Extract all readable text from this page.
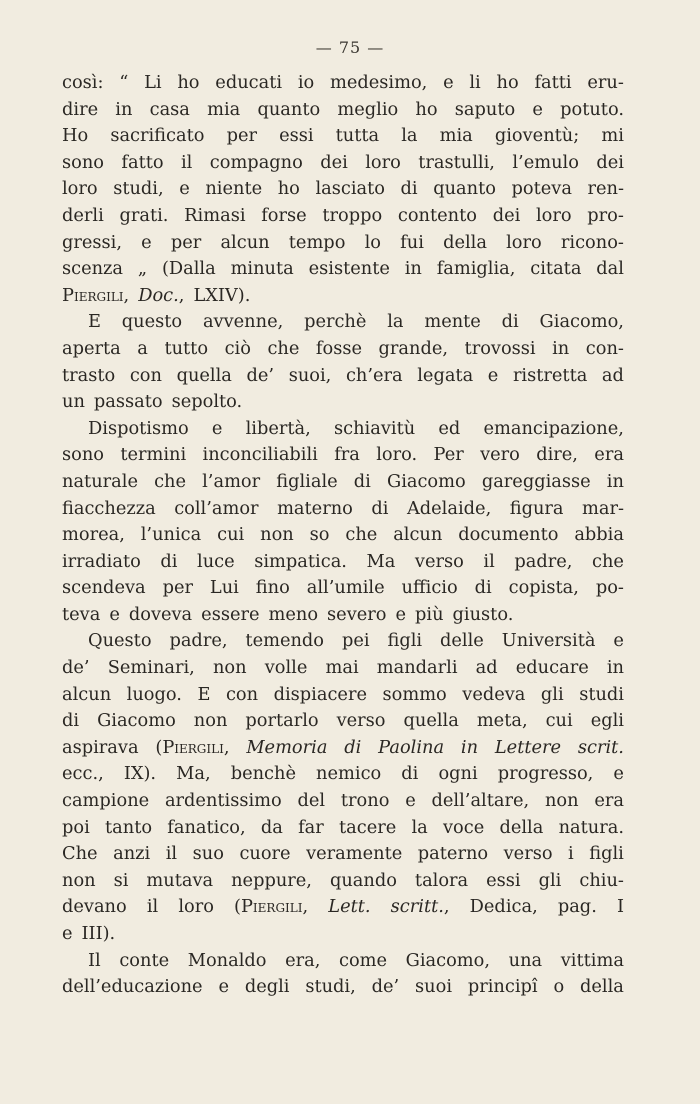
— 75 —
così: “ Li ho educati io medesimo, e li ho fatti eru-
dire in casa mia quanto meglio ho saputo e potuto.
Ho sacrificato per essi tutta la mia gioventù; mi
sono fatto il compagno dei loro trastulli, l’emulo dei
loro studi, e niente ho lasciato di quanto poteva ren-
derli grati. Rimasi forse troppo contento dei loro pro-
gressi, e per alcun tempo lo fui della loro ricono-
scenza „ (Dalla minuta esistente in famiglia, citata dal
Piergili, Doc., LXIV).
E questo avvenne, perchè la mente di Giacomo,
aperta a tutto ciò che fosse grande, trovossi in con-
trasto con quella de’ suoi, ch’era legata e ristretta ad
un passato sepolto.
Dispotismo e libertà, schiavitù ed emancipazione,
sono termini inconciliabili fra loro. Per vero dire, era
naturale che l’amor figliale di Giacomo gareggiasse in
fiacchezza coll’amor materno di Adelaide, figura mar-
morea, l’unica cui non so che alcun documento abbia
irradiato di luce simpatica. Ma verso il padre, che
scendeva per Lui fino all’umile ufficio di copista, po-
teva e doveva essere meno severo e più giusto.
Questo padre, temendo pei figli delle Università e
de’ Seminari, non volle mai mandarli ad educare in
alcun luogo. E con dispiacere sommo vedeva gli studi
di Giacomo non portarlo verso quella meta, cui egli
aspirava (Piergili, Memoria di Paolina in Lettere scrit.
ecc., IX). Ma, benchè nemico di ogni progresso, e
campione ardentissimo del trono e dell’altare, non era
poi tanto fanatico, da far tacere la voce della natura.
Che anzi il suo cuore veramente paterno verso i figli
non si mutava neppure, quando talora essi gli chiu-
devano il loro (Piergili, Lett. scritt., Dedica, pag. I
e III).
Il conte Monaldo era, come Giacomo, una vittima
dell’educazione e degli studi, de’ suoi principî o della
